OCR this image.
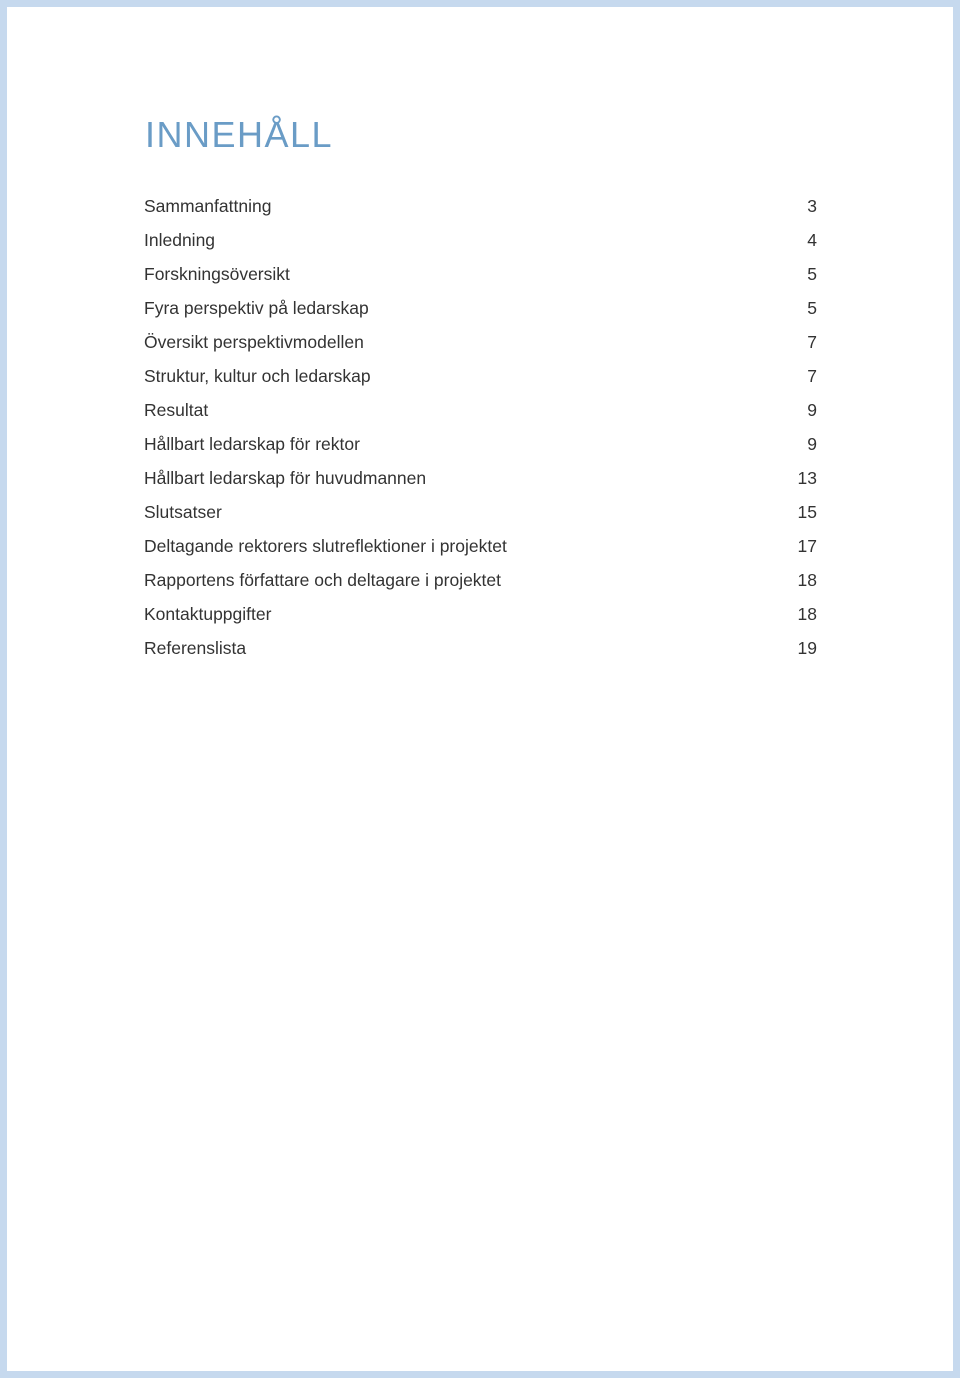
INNEHÅLL
Sammanfattning	3
Inledning	4
Forskningsöversikt	5
Fyra perspektiv på ledarskap	5
Översikt perspektivmodellen	7
Struktur, kultur och ledarskap	7
Resultat	9
Hållbart ledarskap för rektor	9
Hållbart ledarskap för huvudmannen	13
Slutsatser	15
Deltagande rektorers slutreflektioner i projektet	17
Rapportens författare och deltagare i projektet	18
Kontaktuppgifter	18
Referenslista	19
